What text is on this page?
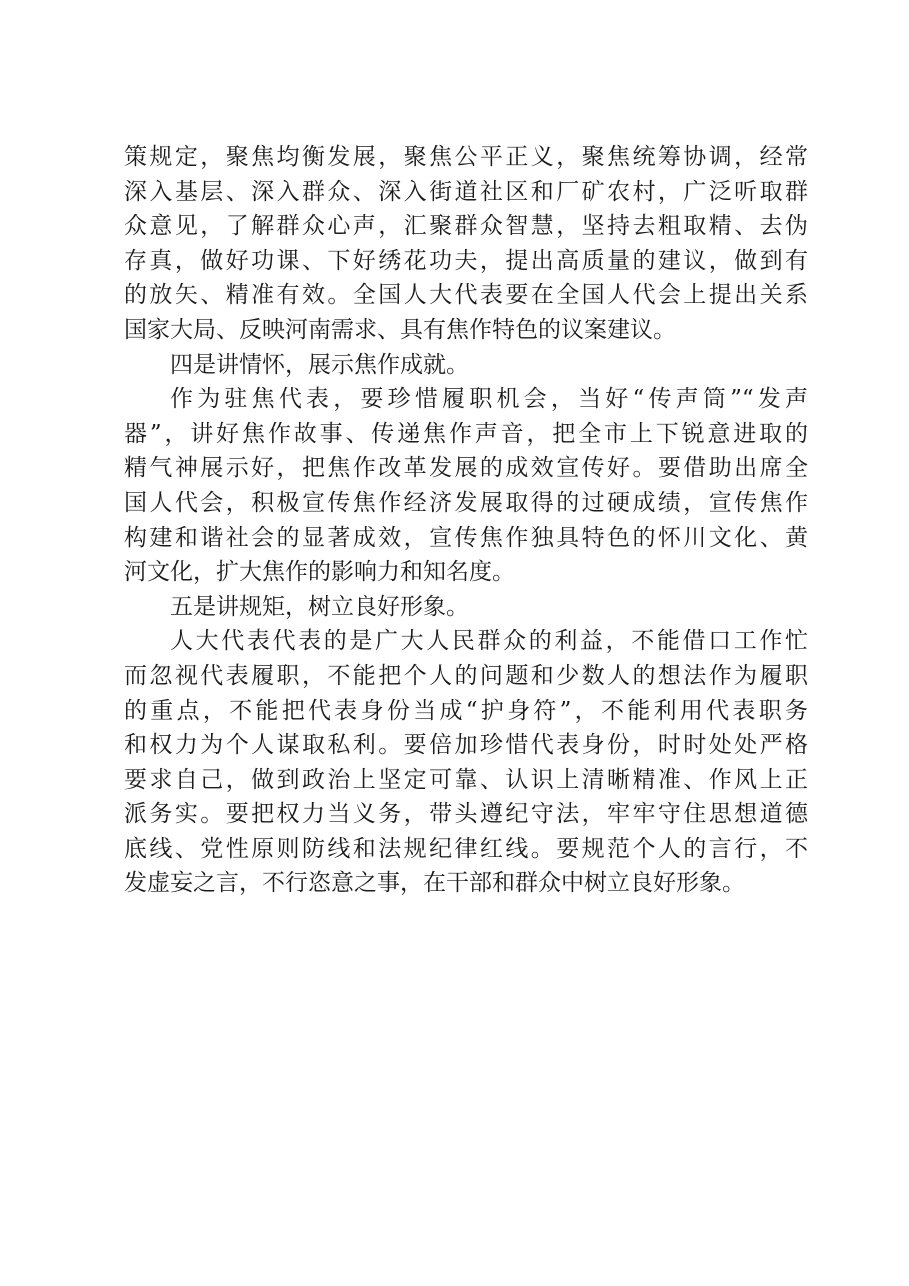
策规定，聚焦均衡发展，聚焦公平正义，聚焦统筹协调，经常
深入基层、深入群众、深入街道社区和厂矿农村，广泛听取群
众意见，了解群众心声，汇聚群众智慧，坚持去粗取精、去伪
存真，做好功课、下好绣花功夫，提出高质量的建议，做到有
的放矢、精准有效。全国人大代表要在全国人代会上提出关系
国家大局、反映河南需求、具有焦作特色的议案建议。
四是讲情怀，展示焦作成就。
作为驻焦代表，要珍惜履职机会，当好“传声筒”“发声
器”，讲好焦作故事、传递焦作声音，把全市上下锐意进取的
精气神展示好，把焦作改革发展的成效宣传好。要借助出席全
国人代会，积极宣传焦作经济发展取得的过硬成绩，宣传焦作
构建和谐社会的显著成效，宣传焦作独具特色的怀川文化、黄
河文化，扩大焦作的影响力和知名度。
五是讲规矩，树立良好形象。
人大代表代表的是广大人民群众的利益，不能借口工作忙
而忽视代表履职，不能把个人的问题和少数人的想法作为履职
的重点，不能把代表身份当成“护身符”，不能利用代表职务
和权力为个人谋取私利。要倍加珍惜代表身份，时时处处严格
要求自己，做到政治上坚定可靠、认识上清晰精准、作风上正
派务实。要把权力当义务，带头遵纪守法，牢牢守住思想道德
底线、党性原则防线和法规纪律红线。要规范个人的言行，不
发虚妄之言，不行恣意之事，在干部和群众中树立良好形象。
